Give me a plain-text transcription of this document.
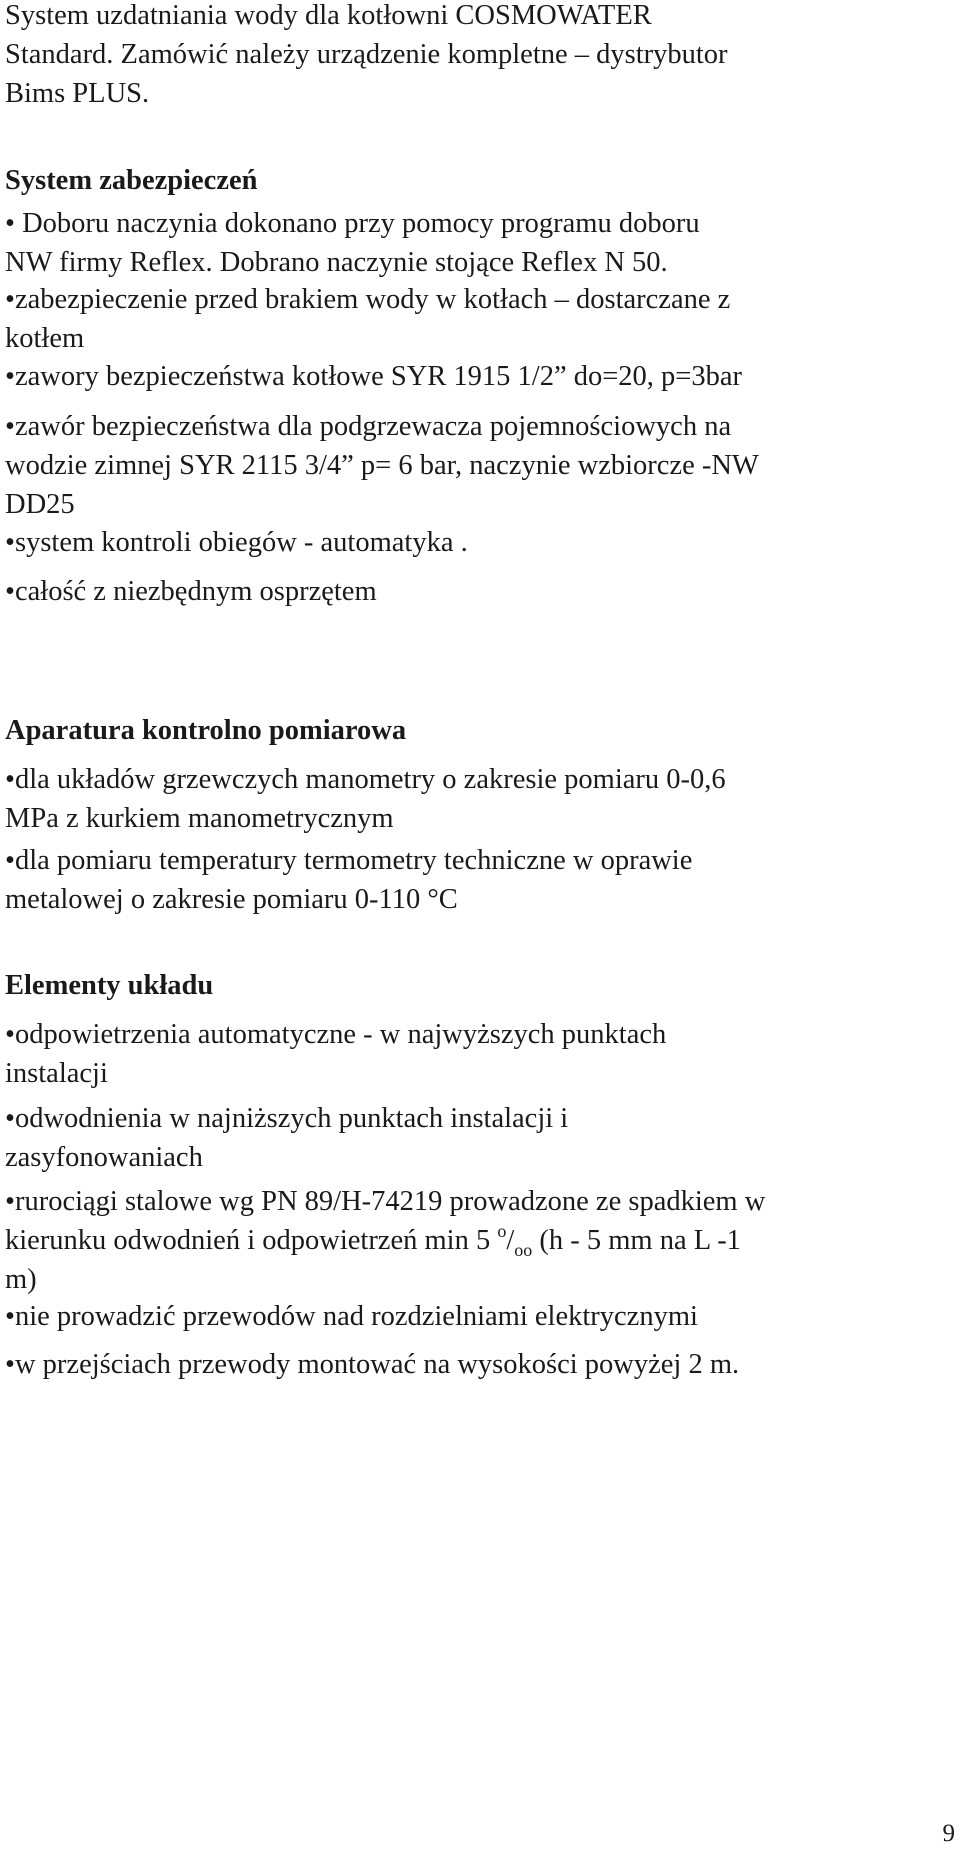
System uzdatniania wody dla kotłowni COSMOWATER
Standard. Zamówić należy urządzenie kompletne – dystrybutor
Bims PLUS.
System zabezpieczeń
• Doboru naczynia dokonano przy pomocy programu doboru
NW firmy Reflex. Dobrano naczynie stojące Reflex N 50.
•zabezpieczenie przed brakiem wody w kotłach – dostarczane z
kotłem
•zawory bezpieczeństwa kotłowe SYR 1915 1/2” do=20, p=3bar
•zawór bezpieczeństwa dla podgrzewacza pojemnościowych na
wodzie zimnej SYR 2115 3/4” p= 6 bar, naczynie wzbiorcze -NW
DD25
•system kontroli obiegów - automatyka .
•całość z niezbędnym osprzętem
Aparatura kontrolno pomiarowa
•dla układów grzewczych manometry o zakresie pomiaru 0-0,6
MPa z kurkiem manometrycznym
•dla pomiaru temperatury termometry techniczne w oprawie
metalowej o zakresie pomiaru 0-110 °C
Elementy układu
•odpowietrzenia automatyczne - w najwyższych punktach
instalacji
•odwodnienia w najniższych punktach instalacji i
zasyfonowaniach
•rurociągi stalowe wg PN 89/H-74219 prowadzone ze spadkiem w
kierunku odwodnień i odpowietrzeń min 5 $^o/_{oo}$ (h - 5 mm na L -1
m)
•nie prowadzić przewodów nad rozdzielniami elektrycznymi
•w przejściach przewody montować na wysokości powyżej 2 m.
9
